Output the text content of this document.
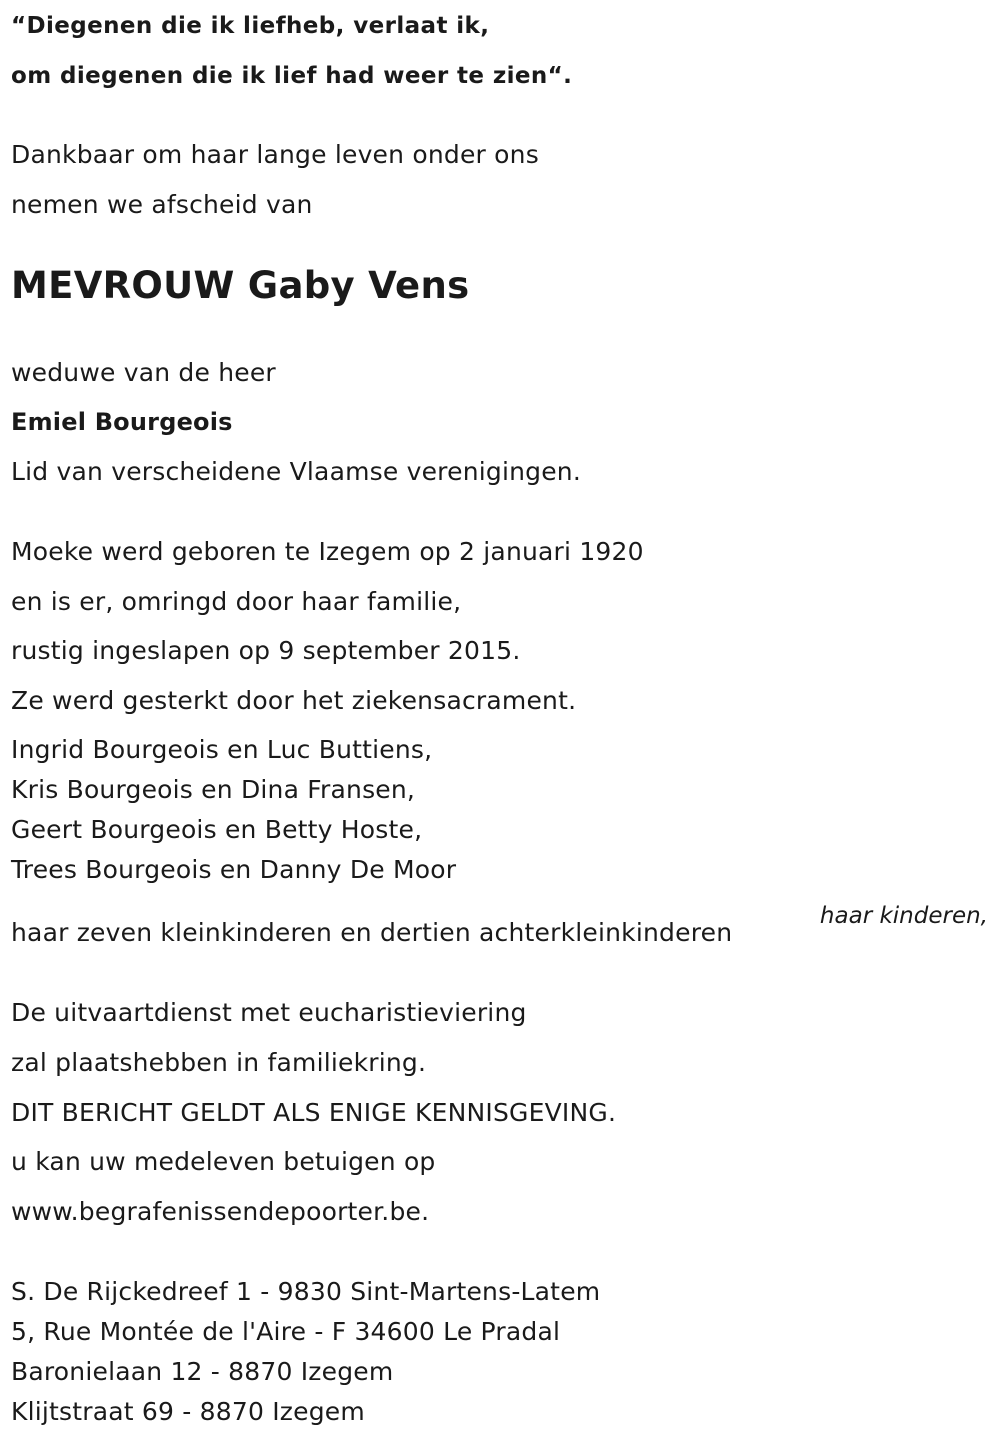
“Diegenen die ik liefheb, verlaat ik,

om diegenen die ik lief had weer te zien“.

Dankbaar om haar lange leven onder ons

nemen we afscheid van

MEVROUW Gaby Vens

weduwe van de heer

Emiel Bourgeois

Lid van verscheidene Vlaamse verenigingen.

Moeke werd geboren te Izegem op 2 januari 1920

en is er, omringd door haar familie,

rustig ingeslapen op 9 september 2015.

Ze werd gesterkt door het ziekensacrament.

Ingrid Bourgeois en Luc Buttiens,

Kris Bourgeois en Dina Fransen,

Geert Bourgeois en Betty Hoste,

Trees Bourgeois en Danny De Moor

haar kinderen,

haar zeven kleinkinderen en dertien achterkleinkinderen

De uitvaartdienst met eucharistieviering

zal plaatshebben in familiekring.

DIT BERICHT GELDT ALS ENIGE KENNISGEVING.

u kan uw medeleven betuigen op

www.begrafenissendepoorter.be.

S. De Rijckedreef 1 - 9830 Sint-Martens-Latem

5, Rue Montée de l'Aire - F 34600 Le Pradal

Baronielaan 12 - 8870 Izegem

Klijtstraat 69 - 8870 Izegem
